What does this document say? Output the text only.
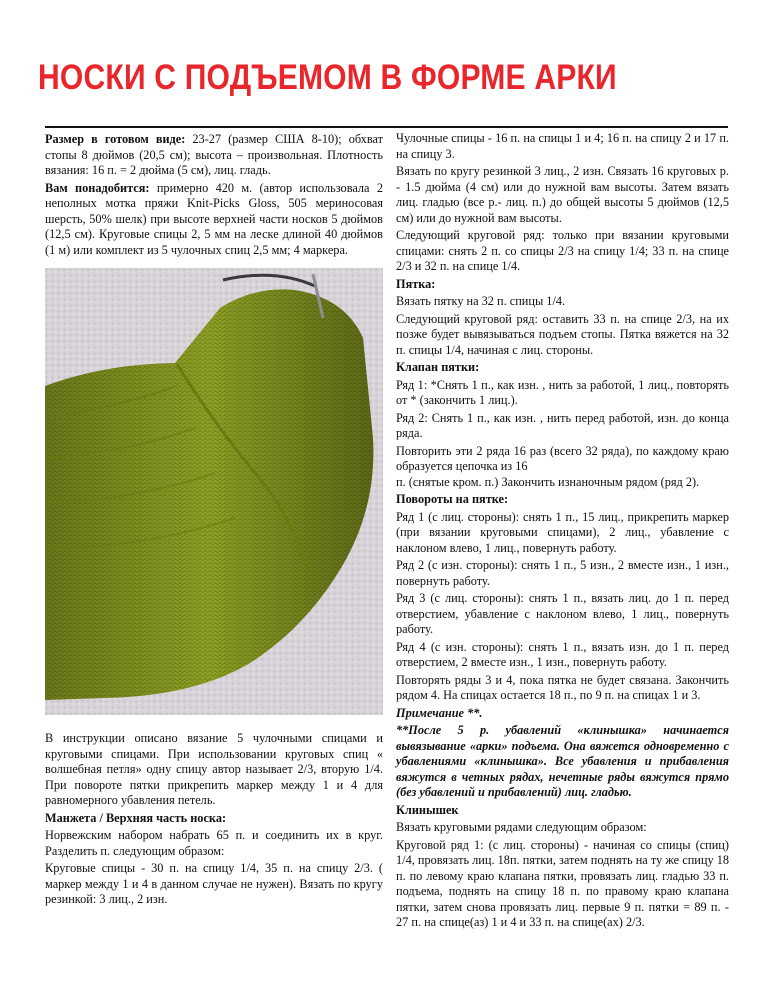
НОСКИ С ПОДЪЕМОМ В ФОРМЕ АРКИ

Размер в готовом виде: 23-27 (размер США 8-10); обхват стопы 8 дюймов (20,5 см); высота – произвольная. Плотность вязания: 16 п. = 2 дюйма (5 см), лиц. гладь.

Вам понадобится: примерно 420 м. (автор использовала 2 неполных мотка пряжи Knit-Picks Gloss, 505 мериносовая шерсть, 50% шелк) при высоте верхней части носков 5 дюймов (12,5 см). Круговые спицы 2, 5 мм на леске длиной 40 дюймов (1 м) или комплект из 5 чулочных спиц 2,5 мм; 4 маркера.

В инструкции описано вязание 5 чулочными спицами и круговыми спицами. При использовании круговых спиц « волшебная петля» одну спицу автор называет 2/3, вторую 1/4. При повороте пятки прикрепить маркер между 1 и 4 для равномерного убавления петель.

Манжета / Верхняя часть носка:

Норвежским набором набрать 65 п. и соединить их в круг. Разделить п. следующим образом:

Круговые спицы - 30 п. на спицу 1/4, 35 п. на спицу 2/3. ( маркер между 1 и 4 в данном случае не нужен). Вязать по кругу резинкой: 3 лиц., 2 изн.

Чулочные спицы - 16 п. на спицы 1 и 4; 16 п. на спицу 2 и 17 п. на спицу 3.

Вязать по кругу резинкой 3 лиц., 2 изн. Связать 16 круговых р. - 1.5 дюйма (4 см) или до нужной вам высоты. Затем вязать лиц. гладью (все р.- лиц. п.) до общей высоты 5 дюймов (12,5 см) или до нужной вам высоты.

Следующий круговой ряд: только при вязании круговыми спицами: снять 2 п. со спицы 2/3 на спицу 1/4; 33 п. на спице 2/3 и 32 п. на спице 1/4.

Пятка:

Вязать пятку на 32 п. спицы 1/4.

Следующий круговой ряд: оставить 33 п. на спице 2/3, на их позже будет вывязываться подъем стопы. Пятка вяжется на 32 п. спицы 1/4, начиная с лиц. стороны.

Клапан пятки:

Ряд 1: *Снять 1 п., как изн. , нить за работой, 1 лиц., повторять от * (закончить 1 лиц.).

Ряд 2: Снять 1 п., как изн. , нить перед работой, изн. до конца ряда.

Повторить эти 2 ряда 16 раз (всего 32 ряда), по каждому краю образуется цепочка из 16

п. (снятые кром. п.) Закончить изнаночным рядом (ряд 2).

Повороты на пятке:

Ряд 1 (с лиц. стороны): снять 1 п., 15 лиц., прикрепить маркер (при вязании круговыми спицами), 2 лиц., убавление с наклоном влево, 1 лиц., повернуть работу.

Ряд 2 (с изн. стороны): снять 1 п., 5 изн., 2 вместе изн., 1 изн., повернуть работу.

Ряд 3 (с лиц. стороны): снять 1 п., вязать лиц. до 1 п. перед отверстием, убавление с наклоном влево, 1 лиц., повернуть работу.

Ряд 4 (с изн. стороны): снять 1 п., вязать изн. до 1 п. перед отверстием, 2 вместе изн., 1 изн., повернуть работу.

Повторять ряды 3 и 4, пока пятка не будет связана. Закончить рядом 4. На спицах остается 18 п., по 9 п. на спицах 1 и 3.

Примечание **.

**После 5 р. убавлений «клинышка» начинается вывязывание «арки» подъема. Она вяжется одновременно с убавлениями «клинышка». Все убавления и прибавления вяжутся в четных рядах, нечетные ряды вяжутся прямо (без убавлений и прибавлений) лиц. гладью.

Клинышек

Вязать круговыми рядами следующим образом:

Круговой ряд 1: (с лиц. стороны) - начиная со спицы (спиц) 1/4, провязать лиц. 18п. пятки, затем поднять на ту же спицу 18 п. по левому краю клапана пятки, провязать лиц. гладью 33 п. подъема, поднять на спицу 18 п. по правому краю клапана пятки, затем снова провязать лиц. первые 9 п. пятки = 89 п. - 27 п. на спице(аз) 1 и 4 и 33 п. на спице(ах) 2/3.
